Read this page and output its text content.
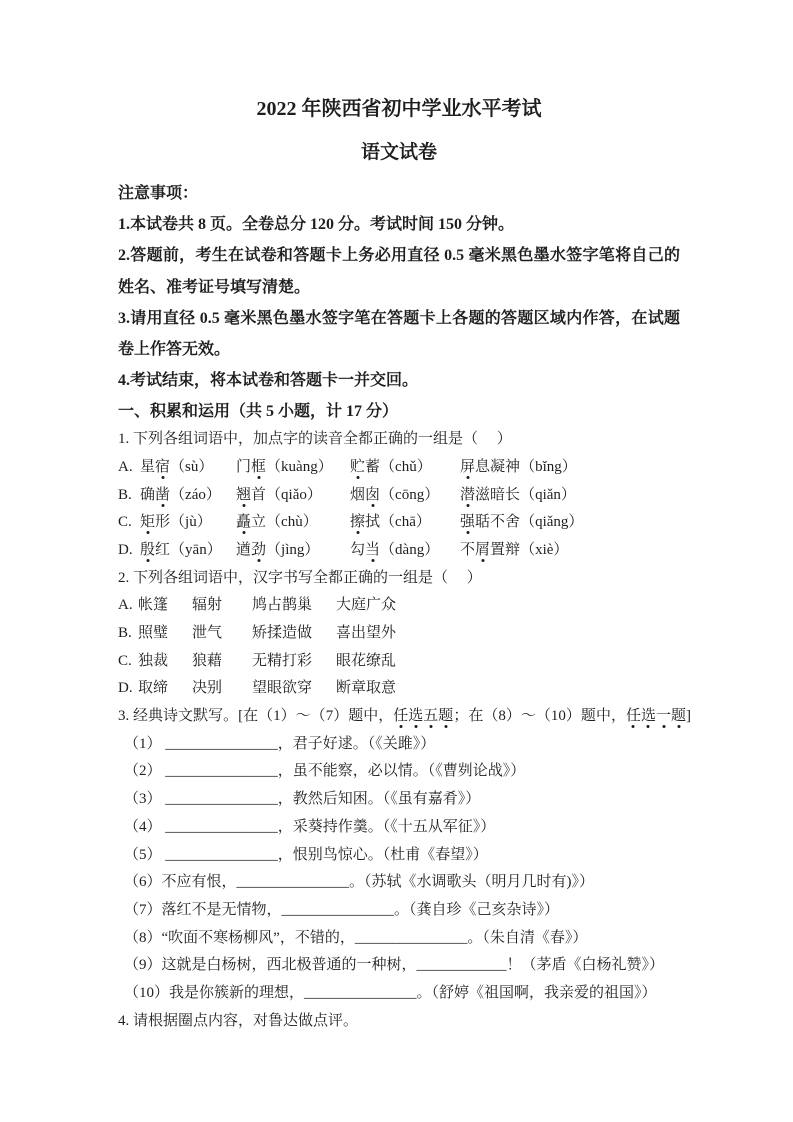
2022 年陕西省初中学业水平考试
语文试卷
注意事项：
1.本试卷共 8 页。全卷总分 120 分。考试时间 150 分钟。
2.答题前，考生在试卷和答题卡上务必用直径 0.5 毫米黑色墨水签字笔将自己的姓名、准考证号填写清楚。
3.请用直径 0.5 毫米黑色墨水签字笔在答题卡上各题的答题区域内作答，在试题卷上作答无效。
4.考试结束，将本试卷和答题卡一并交回。
一、积累和运用（共 5 小题，计 17 分）
1. 下列各组词语中，加点字的读音全都正确的一组是（     ）
A. 星宿（sù） 门框（kuàng） 贮蓄（chǔ） 屏息凝神（bǐng）
B. 确凿（záo） 翘首（qiǎo） 烟囱（cōng） 潜滋暗长（qiǎn）
C. 矩形（jù） 矗立（chù） 擦拭（chā） 强聒不舍（qiǎng）
D. 殷红（yān） 遒劲（jìng） 勾当（dàng） 不屑置辩（xiè）
2. 下列各组词语中，汉字书写全都正确的一组是（     ）
A. 帐篷 辐射 鸠占鹊巢 大庭广众
B. 照璧 泄气 矫揉造做 喜出望外
C. 独裁 狼藉 无精打彩 眼花缭乱
D. 取缔 决别 望眼欲穿 断章取意
3. 经典诗文默写。[在（1）～（7）题中，任选五题；在（8）～（10）题中，任选一题]
（1） _______________，君子好逑。（《关雎》）
（2） _______________，虽不能察，必以情。（《曹刿论战》）
（3） _______________，教然后知困。（《虽有嘉肴》）
（4） _______________，采葵持作羹。（《十五从军征》）
（5） _______________，恨别鸟惊心。（杜甫《春望》）
（6）不应有恨，_______________。（苏轼《水调歌头（明月几时有)》）
（7）落红不是无情物，_______________。（龚自珍《己亥杂诗》）
（8）“吹面不寒杨柳风”，不错的，_______________。（朱自清《春》）
（9）这就是白杨树，西北极普通的一种树，____________！（茅盾《白杨礼赞》）
（10）我是你簇新的理想，_______________。（舒婷《祖国啊，我亲爱的祖国》）
4. 请根据圈点内容，对鲁达做点评。
